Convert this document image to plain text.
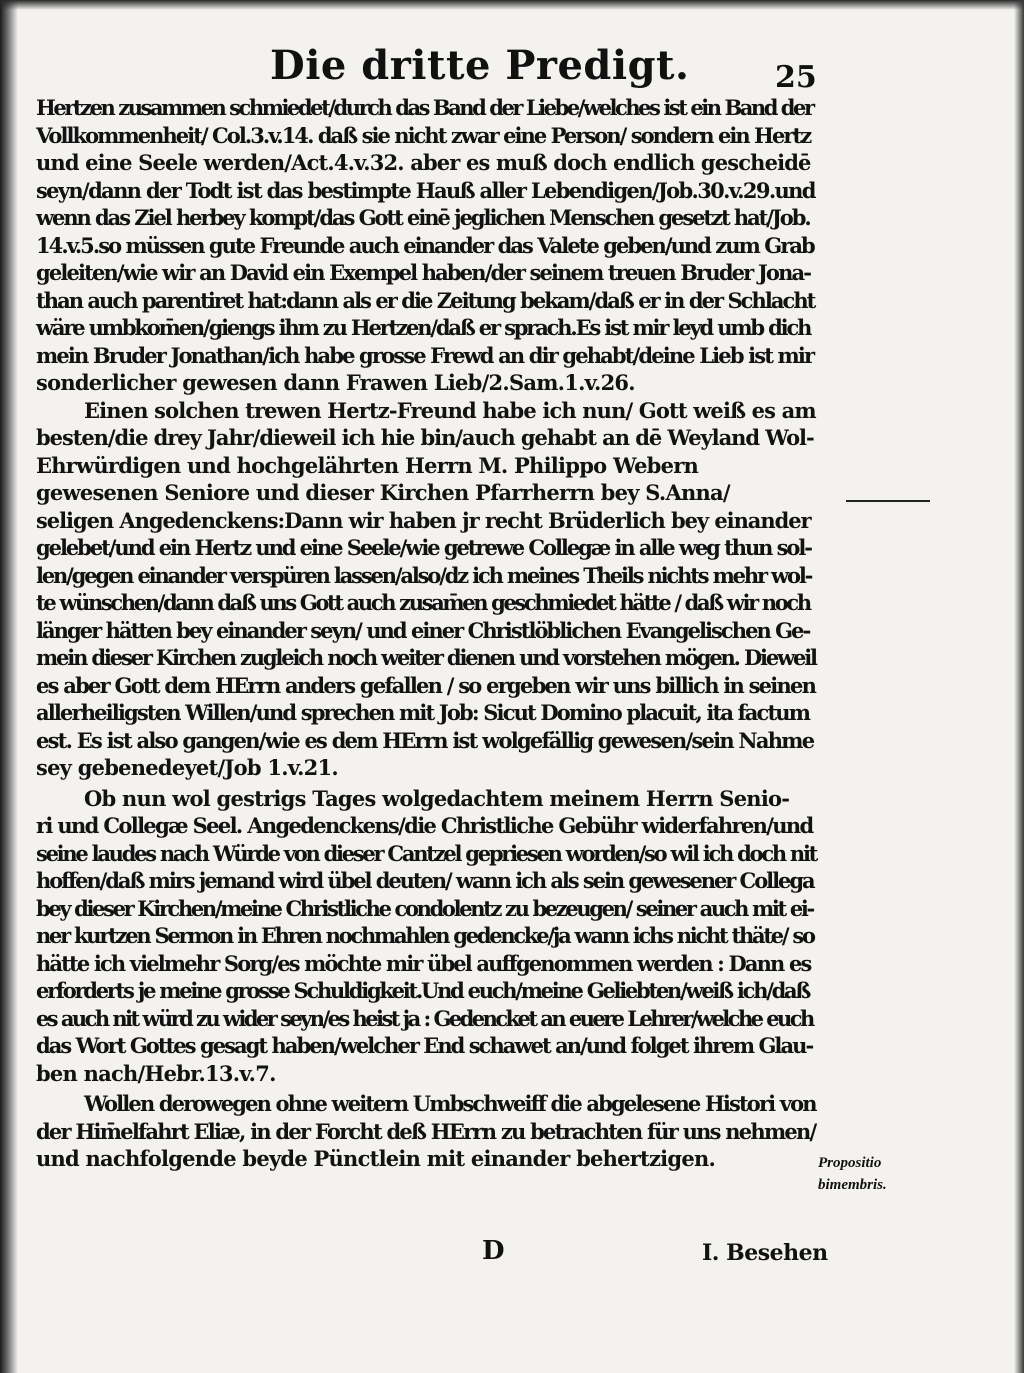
Die dritte Predigt.	25
Hertzen zusammen schmiedet/durch das Band der Liebe/welches ist ein Band der
Vollkommenheit/ Col.3.v.14. daß sie nicht zwar eine Person/ sondern ein Hertz
und eine Seele werden/Act.4.v.32. aber es muß doch endlich gescheidē
seyn/dann der Todt ist das bestimpte Hauß aller Lebendigen/Job.30.v.29.und
wenn das Ziel herbey kompt/das Gott einē jeglichen Menschen gesetzt hat/Job.
14.v.5.so müssen gute Freunde auch einander das Valete geben/und zum Grab
geleiten/wie wir an David ein Exempel haben/der seinem treuen Bruder Jona-
than auch parentiret hat:dann als er die Zeitung bekam/daß er in der Schlacht
wäre umbkom̄en/giengs ihm zu Hertzen/daß er sprach.Es ist mir leyd umb dich
mein Bruder Jonathan/ich habe grosse Frewd an dir gehabt/deine Lieb ist mir
sonderlicher gewesen dann Frawen Lieb/2.Sam.1.v.26.
Einen solchen trewen Hertz-Freund habe ich nun/ Gott weiß es am
besten/die drey Jahr/dieweil ich hie bin/auch gehabt an dē Weyland Wol-
Ehrwürdigen und hochgelährten Herrn M. Philippo Webern
gewesenen Seniore und dieser Kirchen Pfarrherrn bey S.Anna/
seligen Angedenckens:Dann wir haben jr recht Brüderlich bey einander
gelebet/und ein Hertz und eine Seele/wie getrewe Collegæ in alle weg thun sol-
len/gegen einander verspüren lassen/also/dz ich meines Theils nichts mehr wol-
te wünschen/dann daß uns Gott auch zusam̄en geschmiedet hätte / daß wir noch
länger hätten bey einander seyn/ und einer Christlöblichen Evangelischen Ge-
mein dieser Kirchen zugleich noch weiter dienen und vorstehen mögen. Dieweil
es aber Gott dem HErrn anders gefallen / so ergeben wir uns billich in seinen
allerheiligsten Willen/und sprechen mit Job: Sicut Domino placuit, ita factum
est. Es ist also gangen/wie es dem HErrn ist wolgefällig gewesen/sein Nahme
sey gebenedeyet/Job 1.v.21.
Ob nun wol gestrigs Tages wolgedachtem meinem Herrn Senio-
ri und Collegæ Seel. Angedenckens/die Christliche Gebühr widerfahren/und
seine laudes nach Würde von dieser Cantzel gepriesen worden/so wil ich doch nit
hoffen/daß mirs jemand wird übel deuten/ wann ich als sein gewesener Collega
bey dieser Kirchen/meine Christliche condolentz zu bezeugen/ seiner auch mit ei-
ner kurtzen Sermon in Ehren nochmahlen gedencke/ja wann ichs nicht thäte/ so
hätte ich vielmehr Sorg/es möchte mir übel auffgenommen werden : Dann es
erforderts je meine grosse Schuldigkeit.Und euch/meine Geliebten/weiß ich/daß
es auch nit würd zu wider seyn/es heist ja : Gedencket an euere Lehrer/welche euch
das Wort Gottes gesagt haben/welcher End schawet an/und folget ihrem Glau-
ben nach/Hebr.13.v.7.
Wollen derowegen ohne weitern Umbschweiff die abgelesene Histori von
der Him̄elfahrt Eliæ, in der Forcht deß HErrn zu betrachten für uns nehmen/
und nachfolgende beyde Pünctlein mit einander behertzigen.	Propositio
bimembris.
D	I. Besehen
